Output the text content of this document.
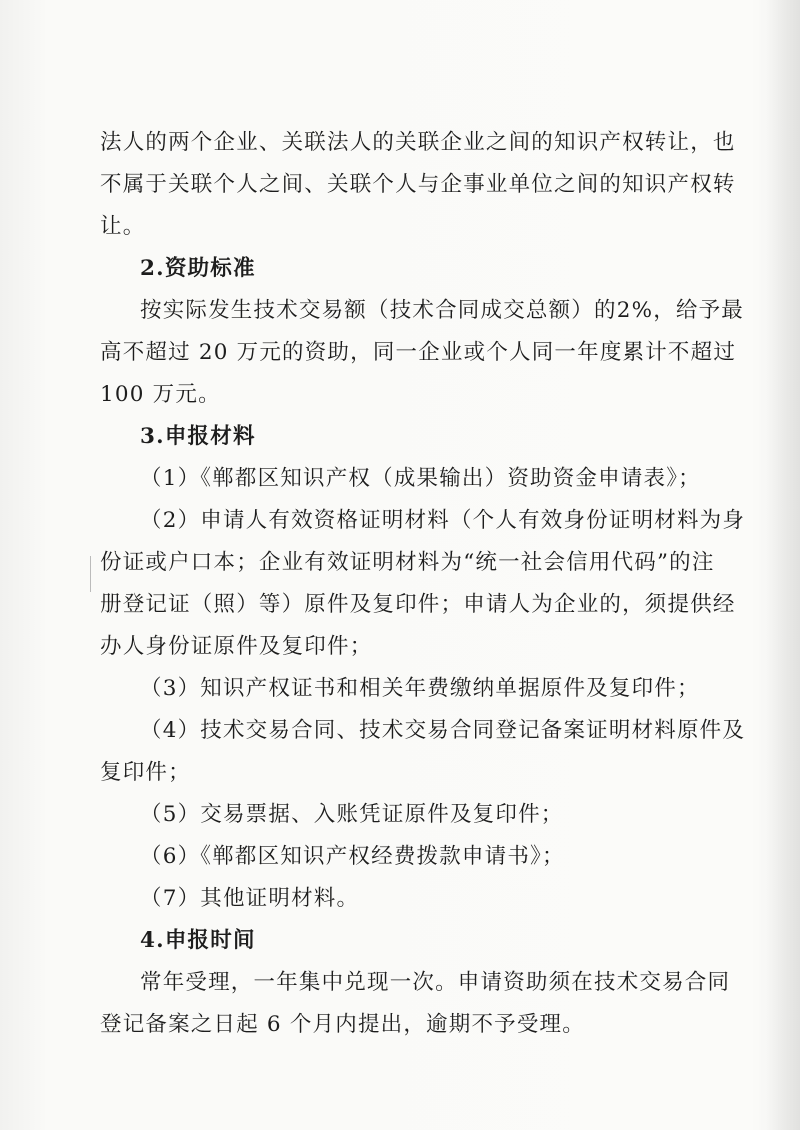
法人的两个企业、关联法人的关联企业之间的知识产权转让，也
不属于关联个人之间、关联个人与企事业单位之间的知识产权转
让。
2.资助标准
按实际发生技术交易额（技术合同成交总额）的2%，给予最
高不超过 20 万元的资助，同一企业或个人同一年度累计不超过
100 万元。
3.申报材料
（1）《郸都区知识产权（成果输出）资助资金申请表》；
（2）申请人有效资格证明材料（个人有效身份证明材料为身
份证或户口本；企业有效证明材料为“统一社会信用代码”的注
册登记证（照）等）原件及复印件；申请人为企业的，须提供经
办人身份证原件及复印件；
（3）知识产权证书和相关年费缴纳单据原件及复印件；
（4）技术交易合同、技术交易合同登记备案证明材料原件及
复印件；
（5）交易票据、入账凭证原件及复印件；
（6）《郸都区知识产权经费拨款申请书》；
（7）其他证明材料。
4.申报时间
常年受理，一年集中兑现一次。申请资助须在技术交易合同
登记备案之日起 6 个月内提出，逾期不予受理。
